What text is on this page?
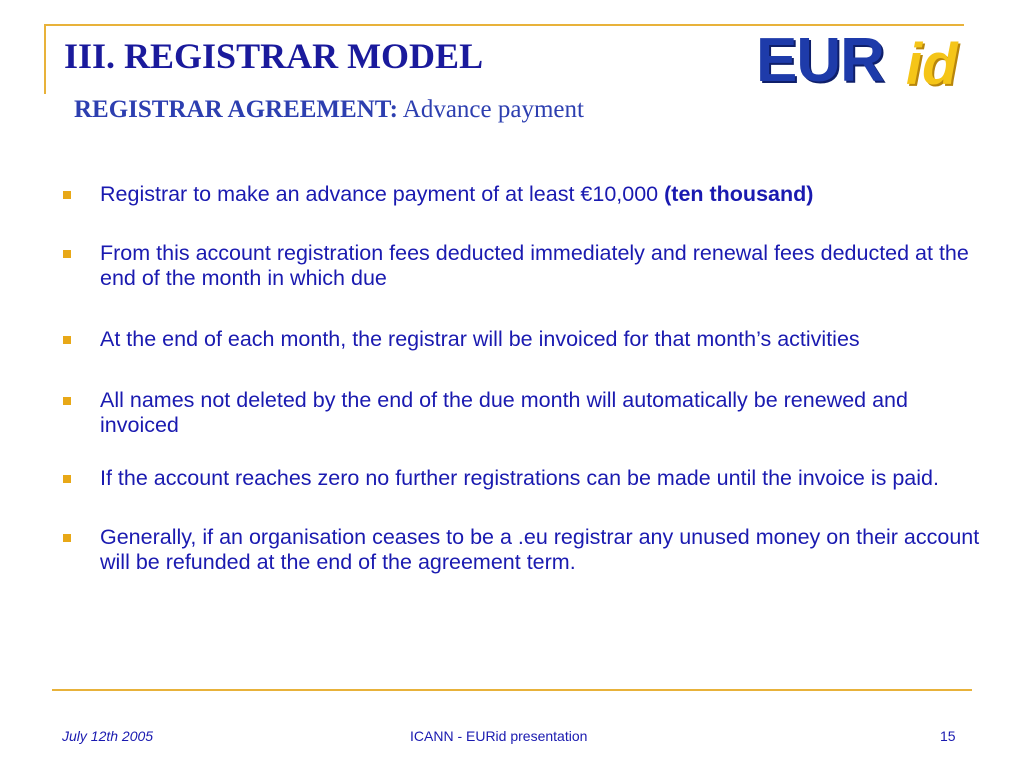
III. REGISTRAR MODEL
REGISTRAR AGREEMENT: Advance payment
EUR id
Registrar to make an advance payment of at least €10,000 (ten thousand)
From this account registration fees deducted immediately and renewal fees deducted at the end of the month in which due
At the end of each month, the registrar will be invoiced for that month’s activities
All names not deleted by the end of the due month will automatically be renewed and invoiced
If the account reaches zero no further registrations can be made until the invoice is paid.
Generally, if an organisation ceases to be a .eu registrar any unused money on their account will be refunded at the end of the agreement term.
July 12th 2005	ICANN - EURid presentation	15
